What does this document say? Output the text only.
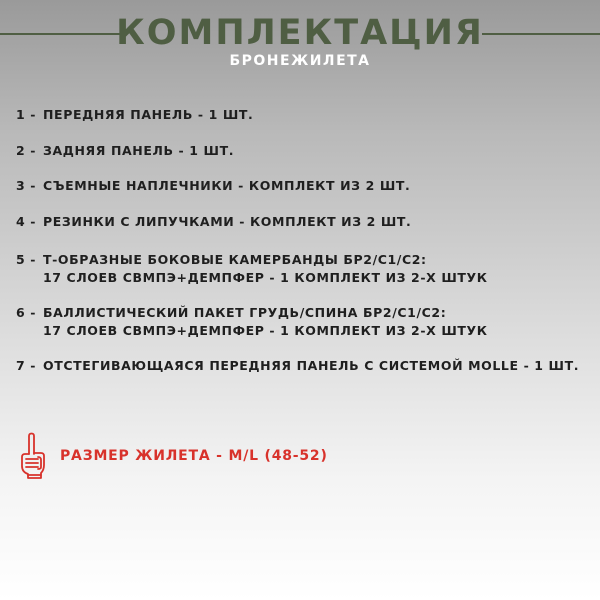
КОМПЛЕКТАЦИЯ
БРОНЕЖИЛЕТА
1 - ПЕРЕДНЯЯ ПАНЕЛЬ - 1 ШТ.
2 - ЗАДНЯЯ ПАНЕЛЬ - 1 ШТ.
3 - СЪЕМНЫЕ НАПЛЕЧНИКИ - КОМПЛЕКТ ИЗ 2 ШТ.
4 - РЕЗИНКИ С ЛИПУЧКАМИ - КОМПЛЕКТ ИЗ 2 ШТ.
5 - Т-ОБРАЗНЫЕ БОКОВЫЕ КАМЕРБАНДЫ БР2/С1/С2:
17 СЛОЕВ СВМПЭ+ДЕМПФЕР - 1 КОМПЛЕКТ ИЗ 2-Х ШТУК
6 - БАЛЛИСТИЧЕСКИЙ ПАКЕТ ГРУДЬ/СПИНА БР2/С1/С2:
17 СЛОЕВ СВМПЭ+ДЕМПФЕР - 1 КОМПЛЕКТ ИЗ 2-Х ШТУК
7 - ОТСТЕГИВАЮЩАЯСЯ ПЕРЕДНЯЯ ПАНЕЛЬ С СИСТЕМОЙ MOLLE - 1 ШТ.
РАЗМЕР ЖИЛЕТА - M/L (48-52)
